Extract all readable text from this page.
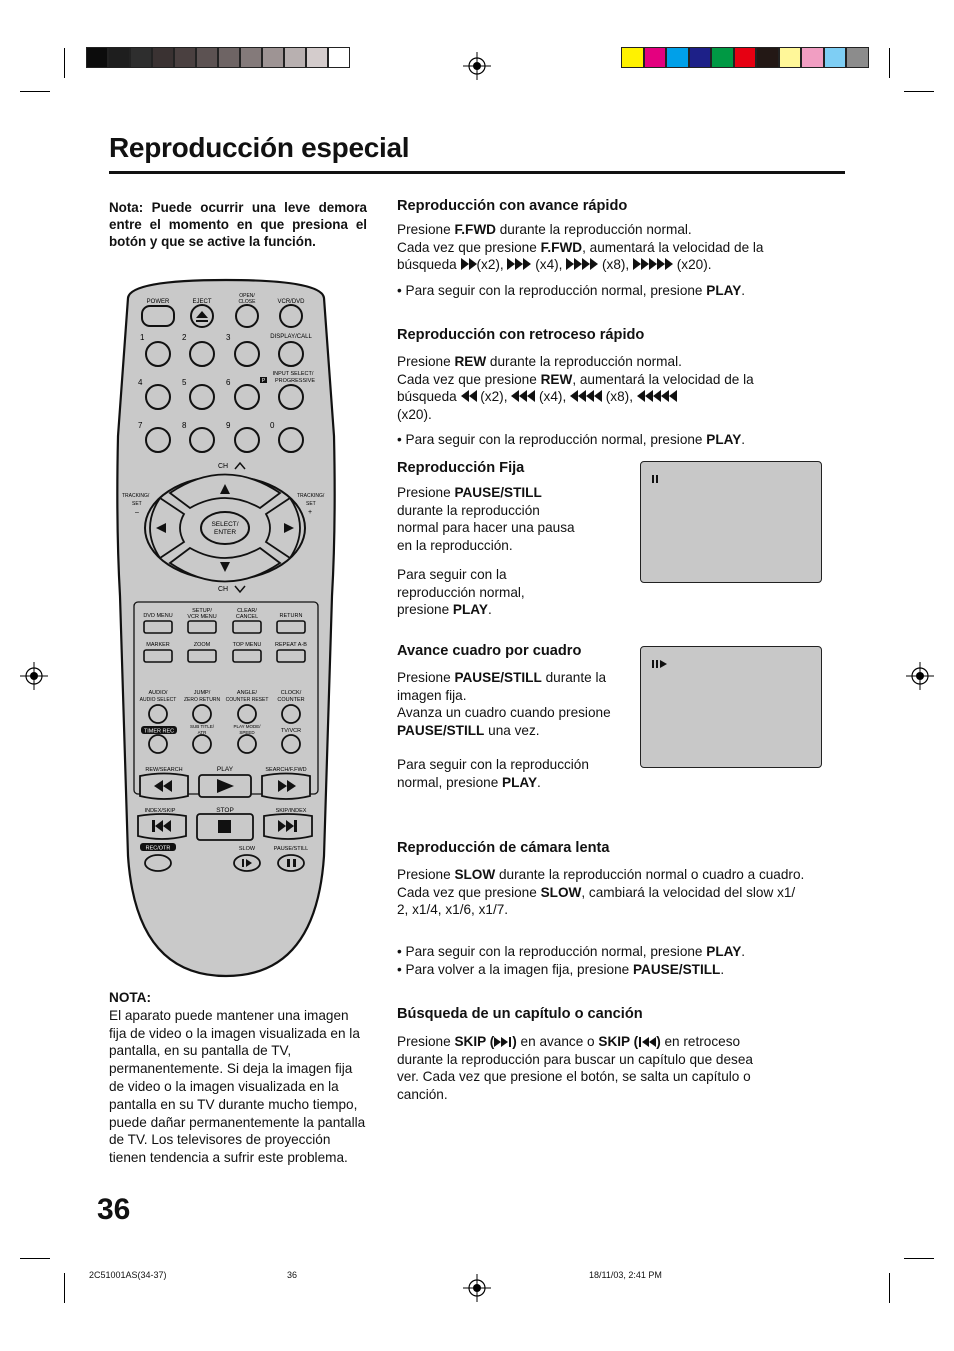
Reproducción especial
Nota: Puede ocurrir una leve demora entre el momento en que presiona el botón y que se active la función.
POWER	EJECT
OPEN/
CLOSE	VCR/DVD
1	2	3	DISPLAY/CALL
4	5	6
INPUT SELECT/
P PROGRESSIVE
7	8	9	0
CH
TRACKING/
SET
–
TRACKING/
SET
+
SELECT/
ENTER
CH
DVD MENU
SETUP/
VCR MENU
CLEAR/
CANCEL	RETURN
MARKER	ZOOM	TOP MENU REPEAT A-B
AUDIO/
AUDIO SELECT
JUMP/
ZERO RETURN
ANGLE/
COUNTER RESET
CLOCK/
COUNTER
TIMER REC
SUB TITLE/
ATR
PLAY MODE/
SPEED	TV/VCR
REW/SEARCH	PLAY	SEARCH/F.FWD
INDEX/SKIP	STOP	SKIP/INDEX
REC/OTR	SLOW	PAUSE/STILL
Reproducción con avance rápido
Presione F.FWD durante la reproducción normal.
Cada vez que presione F.FWD, aumentará la velocidad de la
búsqueda (x2), (x4),	(x8),	(x20).
• Para seguir con la reproducción normal, presione PLAY.
Reproducción con retroceso rápido
Presione REW durante la reproducción normal.
Cada vez que presione REW, aumentará la velocidad de la
búsqueda  (x2), (x4),	(x8),
(x20).
• Para seguir con la reproducción normal, presione PLAY.
Reproducción Fija
Presione PAUSE/STILL
durante la reproducción
normal para hacer una pausa
en la reproducción.
Para seguir con la
reproducción normal,
presione PLAY.
Avance cuadro por cuadro
Presione PAUSE/STILL durante la
imagen fija.
Avanza un cuadro cuando presione
PAUSE/STILL una vez.
Para seguir con la reproducción
normal, presione PLAY.
Reproducción de cámara lenta
Presione SLOW durante la reproducción normal o cuadro a cuadro.
Cada vez que presione SLOW, cambiará la velocidad del slow x1/
2, x1/4, x1/6, x1/7.
• Para seguir con la reproducción normal, presione PLAY.
• Para volver a la imagen fija, presione PAUSE/STILL.
Búsqueda de un capítulo o canción
Presione SKIP ( ) en avance o SKIP ( ) en retroceso
durante la reproducción para buscar un capítulo que desea
ver. Cada vez que presione el botón, se salta un capítulo o
canción.
NOTA:
El aparato puede mantener una imagen fija de video o la imagen visualizada en la pantalla, en su pantalla de TV, permanentemente. Si deja la imagen fija de video o la imagen visualizada en la pantalla en su TV durante mucho tiempo, puede dañar permanentemente la pantalla de TV. Los televisores de proyección tienen tendencia a sufrir este problema.
36
2C51001AS(34-37)	36	18/11/03, 2:41 PM
